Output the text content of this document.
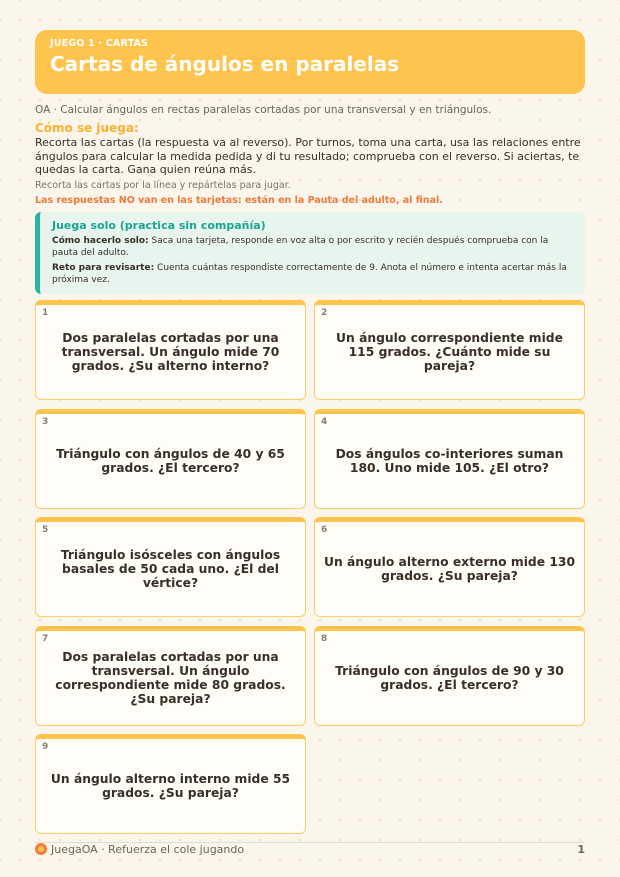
JUEGO 1 · CARTAS
Cartas de ángulos en paralelas
OA · Calcular ángulos en rectas paralelas cortadas por una transversal y en triángulos.
Cómo se juega:
Recorta las cartas (la respuesta va al reverso). Por turnos, toma una carta, usa las relaciones entre ángulos para calcular la medida pedida y di tu resultado; comprueba con el reverso. Si aciertas, te quedas la carta. Gana quien reúna más.
Recorta las cartas por la línea y repártelas para jugar.
Las respuestas NO van en las tarjetas: están en la Pauta del adulto, al final.
Juega solo (practica sin compañía)
Cómo hacerlo solo: Saca una tarjeta, responde en voz alta o por escrito y recién después comprueba con la pauta del adulto.
Reto para revisarte: Cuenta cuántas respondiste correctamente de 9. Anota el número e intenta acertar más la próxima vez.
1
Dos paralelas cortadas por una transversal. Un ángulo mide 70 grados. ¿Su alterno interno?
2
Un ángulo correspondiente mide 115 grados. ¿Cuánto mide su pareja?
3
Triángulo con ángulos de 40 y 65 grados. ¿El tercero?
4
Dos ángulos co-interiores suman 180. Uno mide 105. ¿El otro?
5
Triángulo isósceles con ángulos basales de 50 cada uno. ¿El del vértice?
6
Un ángulo alterno externo mide 130 grados. ¿Su pareja?
7
Dos paralelas cortadas por una transversal. Un ángulo correspondiente mide 80 grados. ¿Su pareja?
8
Triángulo con ángulos de 90 y 30 grados. ¿El tercero?
9
Un ángulo alterno interno mide 55 grados. ¿Su pareja?
JuegaOA · Refuerza el cole jugando	1
